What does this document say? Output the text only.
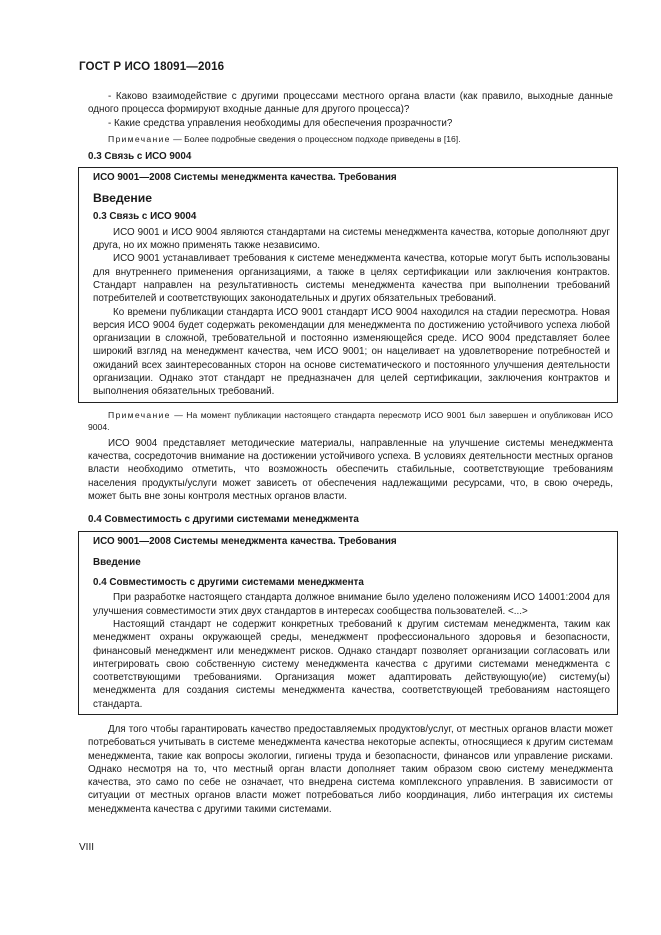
ГОСТ Р ИСО 18091—2016

- Каково взаимодействие с другими процессами местного органа власти (как правило, выходные данные одного процесса формируют входные данные для другого процесса)?

- Какие средства управления необходимы для обеспечения прозрачности?

Примечание — Более подробные сведения о процессном подходе приведены в [16].

0.3 Связь с ИСО 9004

ИСО 9001—2008 Системы менеджмента качества. Требования
Введение
0.3 Связь с ИСО 9004

ИСО 9001 и ИСО 9004 являются стандартами на системы менеджмента качества, которые дополняют друг друга, но их можно применять также независимо.

ИСО 9001 устанавливает требования к системе менеджмента качества, которые могут быть использованы для внутреннего применения организациями, а также в целях сертификации или заключения контрактов. Стандарт направлен на результативность системы менеджмента качества при выполнении требований потребителей и соответствующих законодательных и других обязательных требований.

Ко времени публикации стандарта ИСО 9001 стандарт ИСО 9004 находился на стадии пересмотра. Новая версия ИСО 9004 будет содержать рекомендации для менеджмента по достижению устойчивого успеха любой организации в сложной, требовательной и постоянно изменяющейся среде. ИСО 9004 представляет более широкий взгляд на менеджмент качества, чем ИСО 9001; он нацеливает на удовлетворение потребностей и ожиданий всех заинтересованных сторон на основе систематического и постоянного улучшения деятельности организации. Однако этот стандарт не предназначен для целей сертификации, заключения контрактов и выполнения обязательных требований.

Примечание — На момент публикации настоящего стандарта пересмотр ИСО 9001 был завершен и опубликован ИСО 9004.

ИСО 9004 представляет методические материалы, направленные на улучшение системы менеджмента качества, сосредоточив внимание на достижении устойчивого успеха. В условиях деятельности местных органов власти необходимо отметить, что возможность обеспечить стабильные, соответствующие требованиям населения продукты/услуги может зависеть от обеспечения надлежащими ресурсами, что, в свою очередь, может быть вне зоны контроля местных органов власти.

0.4 Совместимость с другими системами менеджмента

ИСО 9001—2008 Системы менеджмента качества. Требования
Введение
0.4 Совместимость с другими системами менеджмента

При разработке настоящего стандарта должное внимание было уделено положениям ИСО 14001:2004 для улучшения совместимости этих двух стандартов в интересах сообщества пользователей. <...>

Настоящий стандарт не содержит конкретных требований к другим системам менеджмента, таким как менеджмент охраны окружающей среды, менеджмент профессионального здоровья и безопасности, финансовый менеджмент или менеджмент рисков. Однако стандарт позволяет организации согласовать или интегрировать свою собственную систему менеджмента качества с другими системами менеджмента с соответствующими требованиями. Организация может адаптировать действующую(ие) систему(ы) менеджмента для создания системы менеджмента качества, соответствующей требованиям настоящего стандарта.

Для того чтобы гарантировать качество предоставляемых продуктов/услуг, от местных органов власти может потребоваться учитывать в системе менеджмента качества некоторые аспекты, относящиеся к другим системам менеджмента, такие как вопросы экологии, гигиены труда и безопасности, финансов или управление рисками. Однако несмотря на то, что местный орган власти дополняет таким образом свою систему менеджмента качества, это само по себе не означает, что внедрена система комплексного управления. В зависимости от ситуации от местных органов власти может потребоваться либо координация, либо интеграция их системы менеджмента качества с другими такими системами.

VIII
